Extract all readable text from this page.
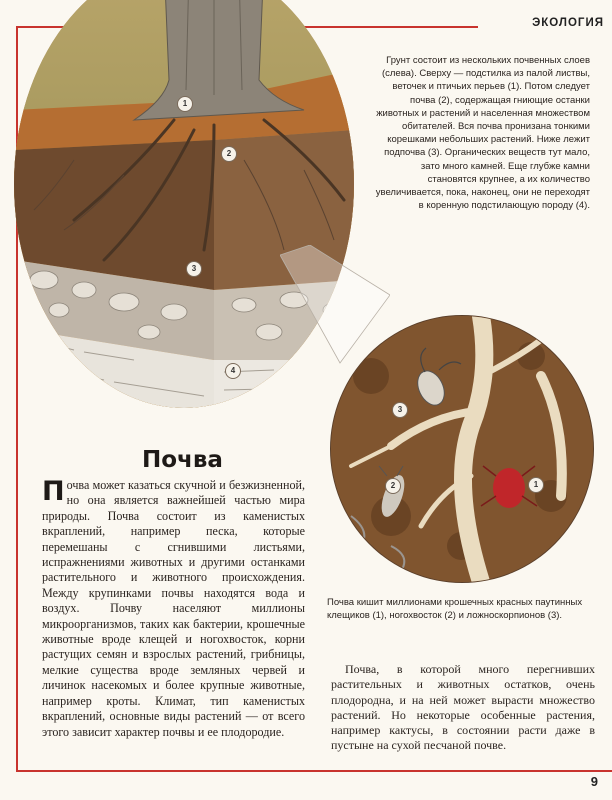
ЭКОЛОГИЯ
1
2
3
4
Грунт состоит из нескольких почвенных слоев (слева). Сверху — подстилка из палой листвы, веточек и птичьих перьев (1). Потом следует почва (2), содержащая гниющие останки животных и растений и населенная множеством обитателей. Вся почва пронизана тонкими корешками небольших растений. Ниже лежит подпочва (3). Органических веществ тут мало, зато много камней. Еще глубже камни становятся крупнее, а их количество увеличивается, пока, наконец, они не переходят в коренную подстилающую породу (4).
1
2
3
Почва кишит миллионами крошечных красных паутинных клещиков (1), ногохвосток (2) и ложноскорпионов (3).
Почва

Почва может казаться скучной и безжизненной, но она является важнейшей частью мира природы. Почва состоит из каменистых вкраплений, например песка, которые перемешаны с сгнившими листьями, испражнениями животных и другими останками растительного и животного происхождения. Между крупинками почвы находятся вода и воздух. Почву населяют миллионы микроорганизмов, таких как бактерии, крошечные животные вроде клещей и ногохвосток, корни растущих семян и взрослых растений, грибницы, мелкие существа вроде земляных червей и личинок насекомых и более крупные животные, например кроты. Климат, тип каменистых вкраплений, основные виды растений — от всего этого зависит характер почвы и ее плодородие.

Почва, в которой много перегнивших растительных и животных остатков, очень плодородна, и на ней может вырасти множество растений. Но некоторые особенные растения, например кактусы, в состоянии расти даже в пустыне на сухой песчаной почве.
9
